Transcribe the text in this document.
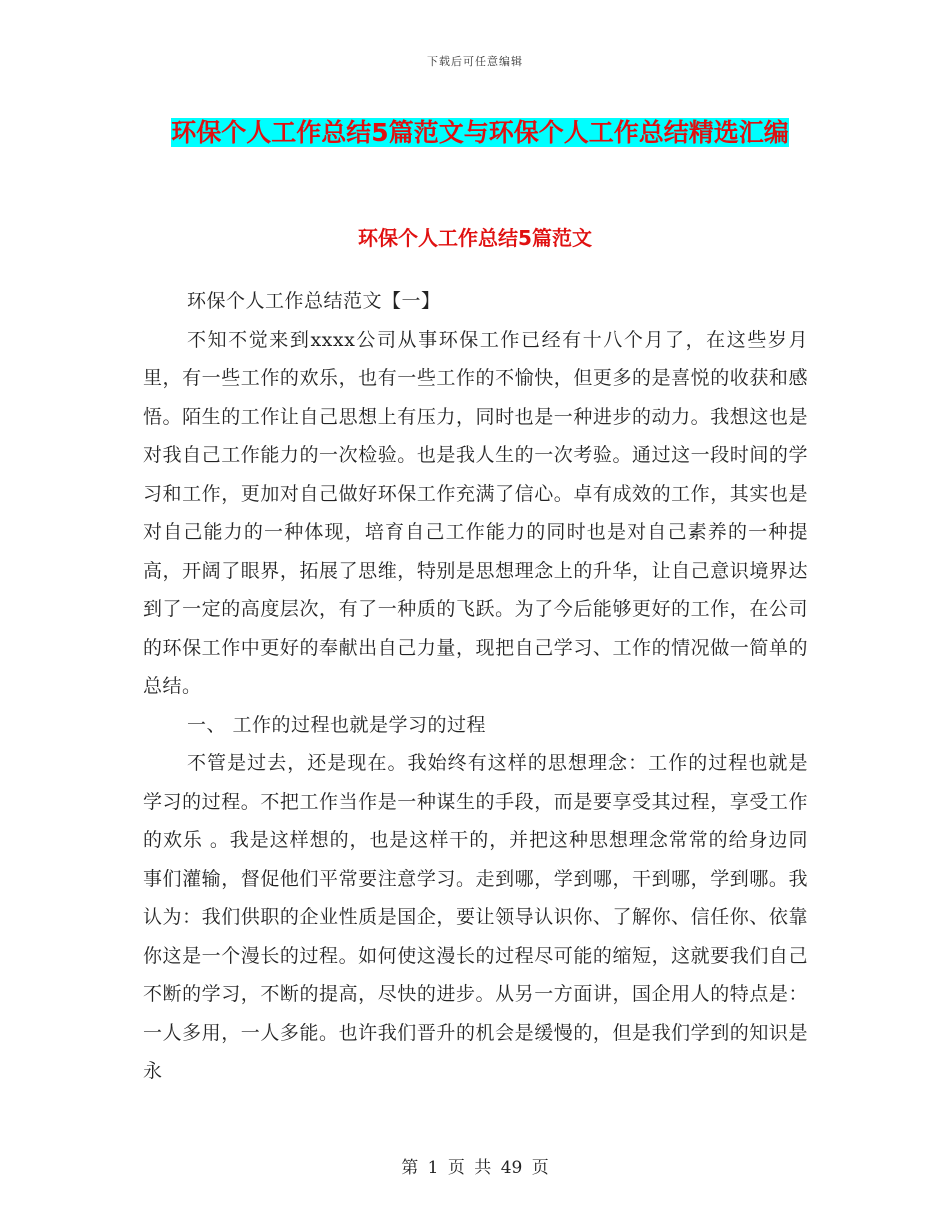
下载后可任意编辑
环保个人工作总结5篇范文与环保个人工作总结精选汇编
环保个人工作总结5篇范文

环保个人工作总结范文【一】

不知不觉来到xxxx公司从事环保工作已经有十八个月了，在这些岁月里，有一些工作的欢乐，也有一些工作的不愉快，但更多的是喜悦的收获和感悟。陌生的工作让自己思想上有压力，同时也是一种进步的动力。我想这也是对我自己工作能力的一次检验。也是我人生的一次考验。通过这一段时间的学习和工作，更加对自己做好环保工作充满了信心。卓有成效的工作，其实也是对自己能力的一种体现，培育自己工作能力的同时也是对自己素养的一种提高，开阔了眼界，拓展了思维，特别是思想理念上的升华，让自己意识境界达到了一定的高度层次，有了一种质的飞跃。为了今后能够更好的工作，在公司的环保工作中更好的奉献出自己力量，现把自己学习、工作的情况做一简单的总结。

一、 工作的过程也就是学习的过程

不管是过去，还是现在。我始终有这样的思想理念：工作的过程也就是学习的过程。不把工作当作是一种谋生的手段，而是要享受其过程，享受工作的欢乐 。我是这样想的，也是这样干的，并把这种思想理念常常的给身边同事们灌输，督促他们平常要注意学习。走到哪，学到哪，干到哪，学到哪。我认为：我们供职的企业性质是国企，要让领导认识你、了解你、信任你、依靠你这是一个漫长的过程。如何使这漫长的过程尽可能的缩短，这就要我们自己不断的学习，不断的提高，尽快的进步。从另一方面讲，国企用人的特点是：一人多用，一人多能。也许我们晋升的机会是缓慢的，但是我们学到的知识是永

第 1 页 共 49 页
